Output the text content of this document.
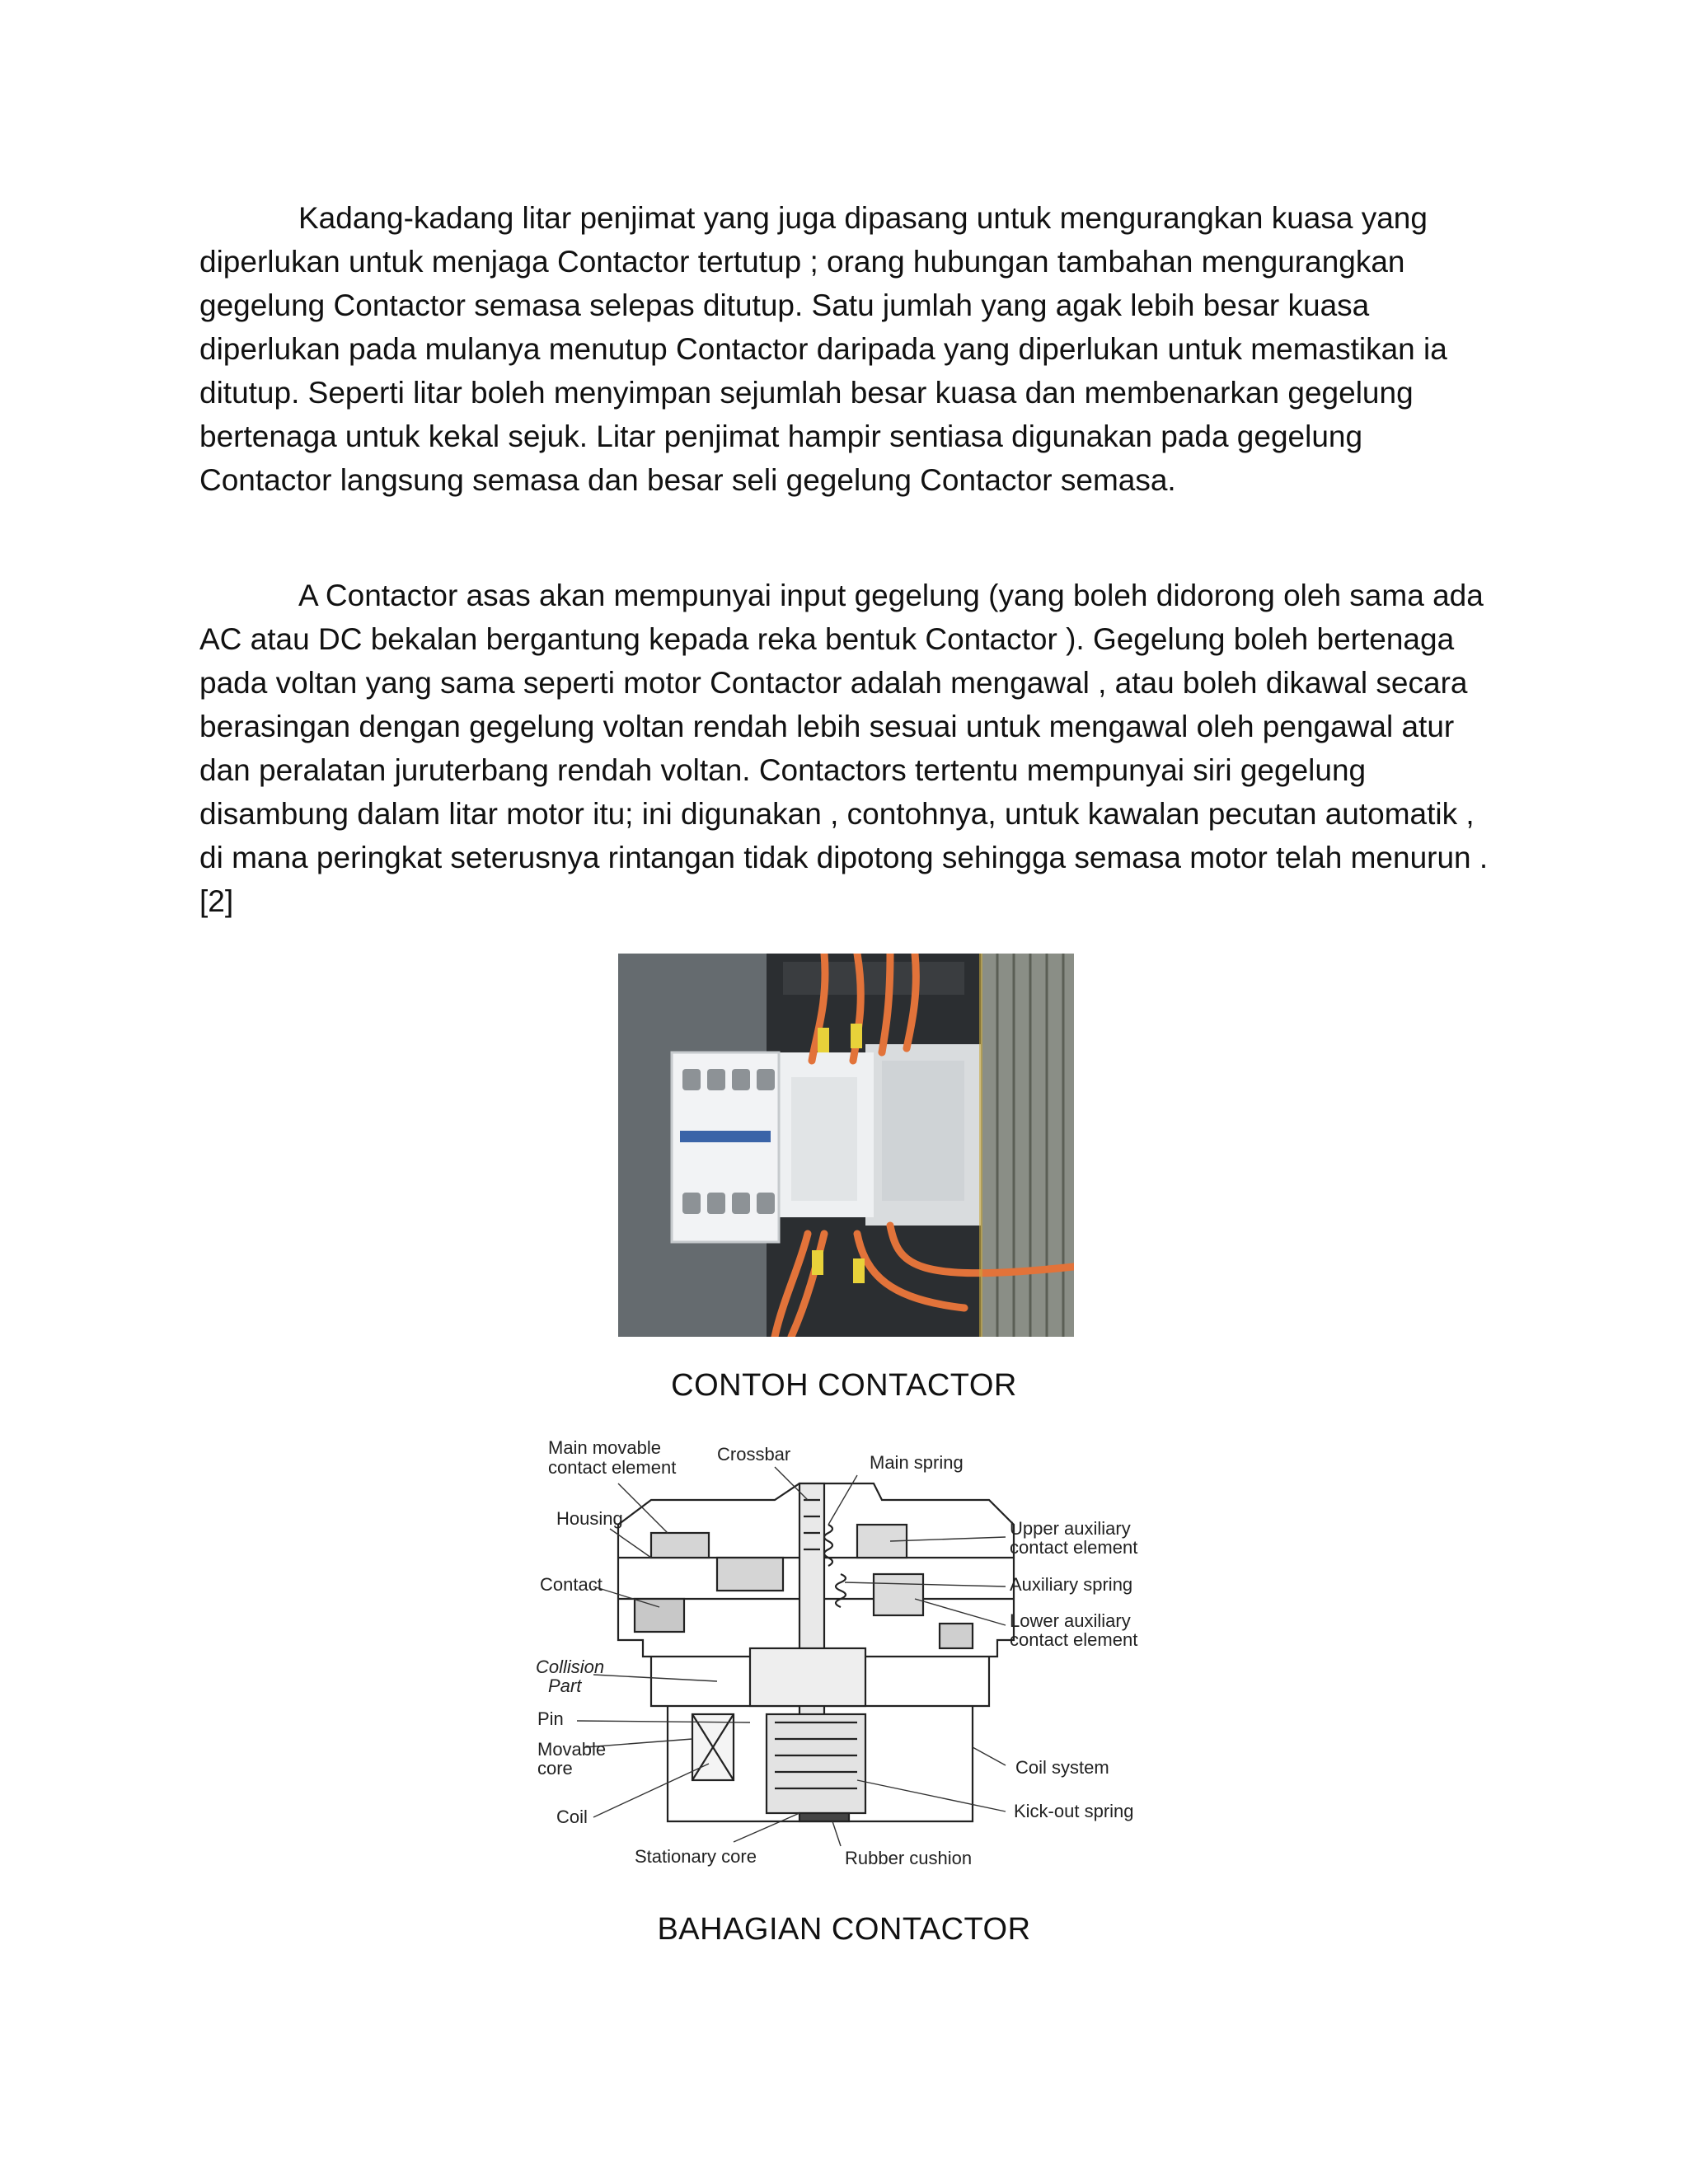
Kadang-kadang litar penjimat yang juga dipasang untuk mengurangkan kuasa yang diperlukan untuk menjaga Contactor tertutup ; orang hubungan tambahan mengurangkan gegelung Contactor semasa selepas ditutup. Satu jumlah yang agak lebih besar kuasa diperlukan pada mulanya menutup Contactor daripada yang diperlukan untuk memastikan ia ditutup. Seperti litar boleh menyimpan sejumlah besar kuasa dan membenarkan gegelung bertenaga untuk kekal sejuk. Litar penjimat hampir sentiasa digunakan pada gegelung Contactor langsung semasa dan besar seli gegelung Contactor semasa.

A Contactor asas akan mempunyai input gegelung (yang boleh didorong oleh sama ada AC atau DC bekalan bergantung kepada reka bentuk Contactor ). Gegelung boleh bertenaga pada voltan yang sama seperti motor Contactor adalah mengawal , atau boleh dikawal secara berasingan dengan gegelung voltan rendah lebih sesuai untuk mengawal oleh pengawal atur dan peralatan juruterbang rendah voltan. Contactors tertentu mempunyai siri gegelung disambung dalam litar motor itu; ini digunakan , contohnya, untuk kawalan pecutan automatik , di mana peringkat seterusnya rintangan tidak dipotong sehingga semasa motor telah menurun . [2]

CONTOH CONTACTOR
Main movable
contact element
Crossbar	Main spring
Housing	Upper auxiliary
contact element
Auxiliary spring
Contact
Lower auxiliary
contact element
Collision
Part
Pin
Movable
core	Coil system
Coil	Kick-out spring
Stationary core	Rubber cushion
BAHAGIAN CONTACTOR
